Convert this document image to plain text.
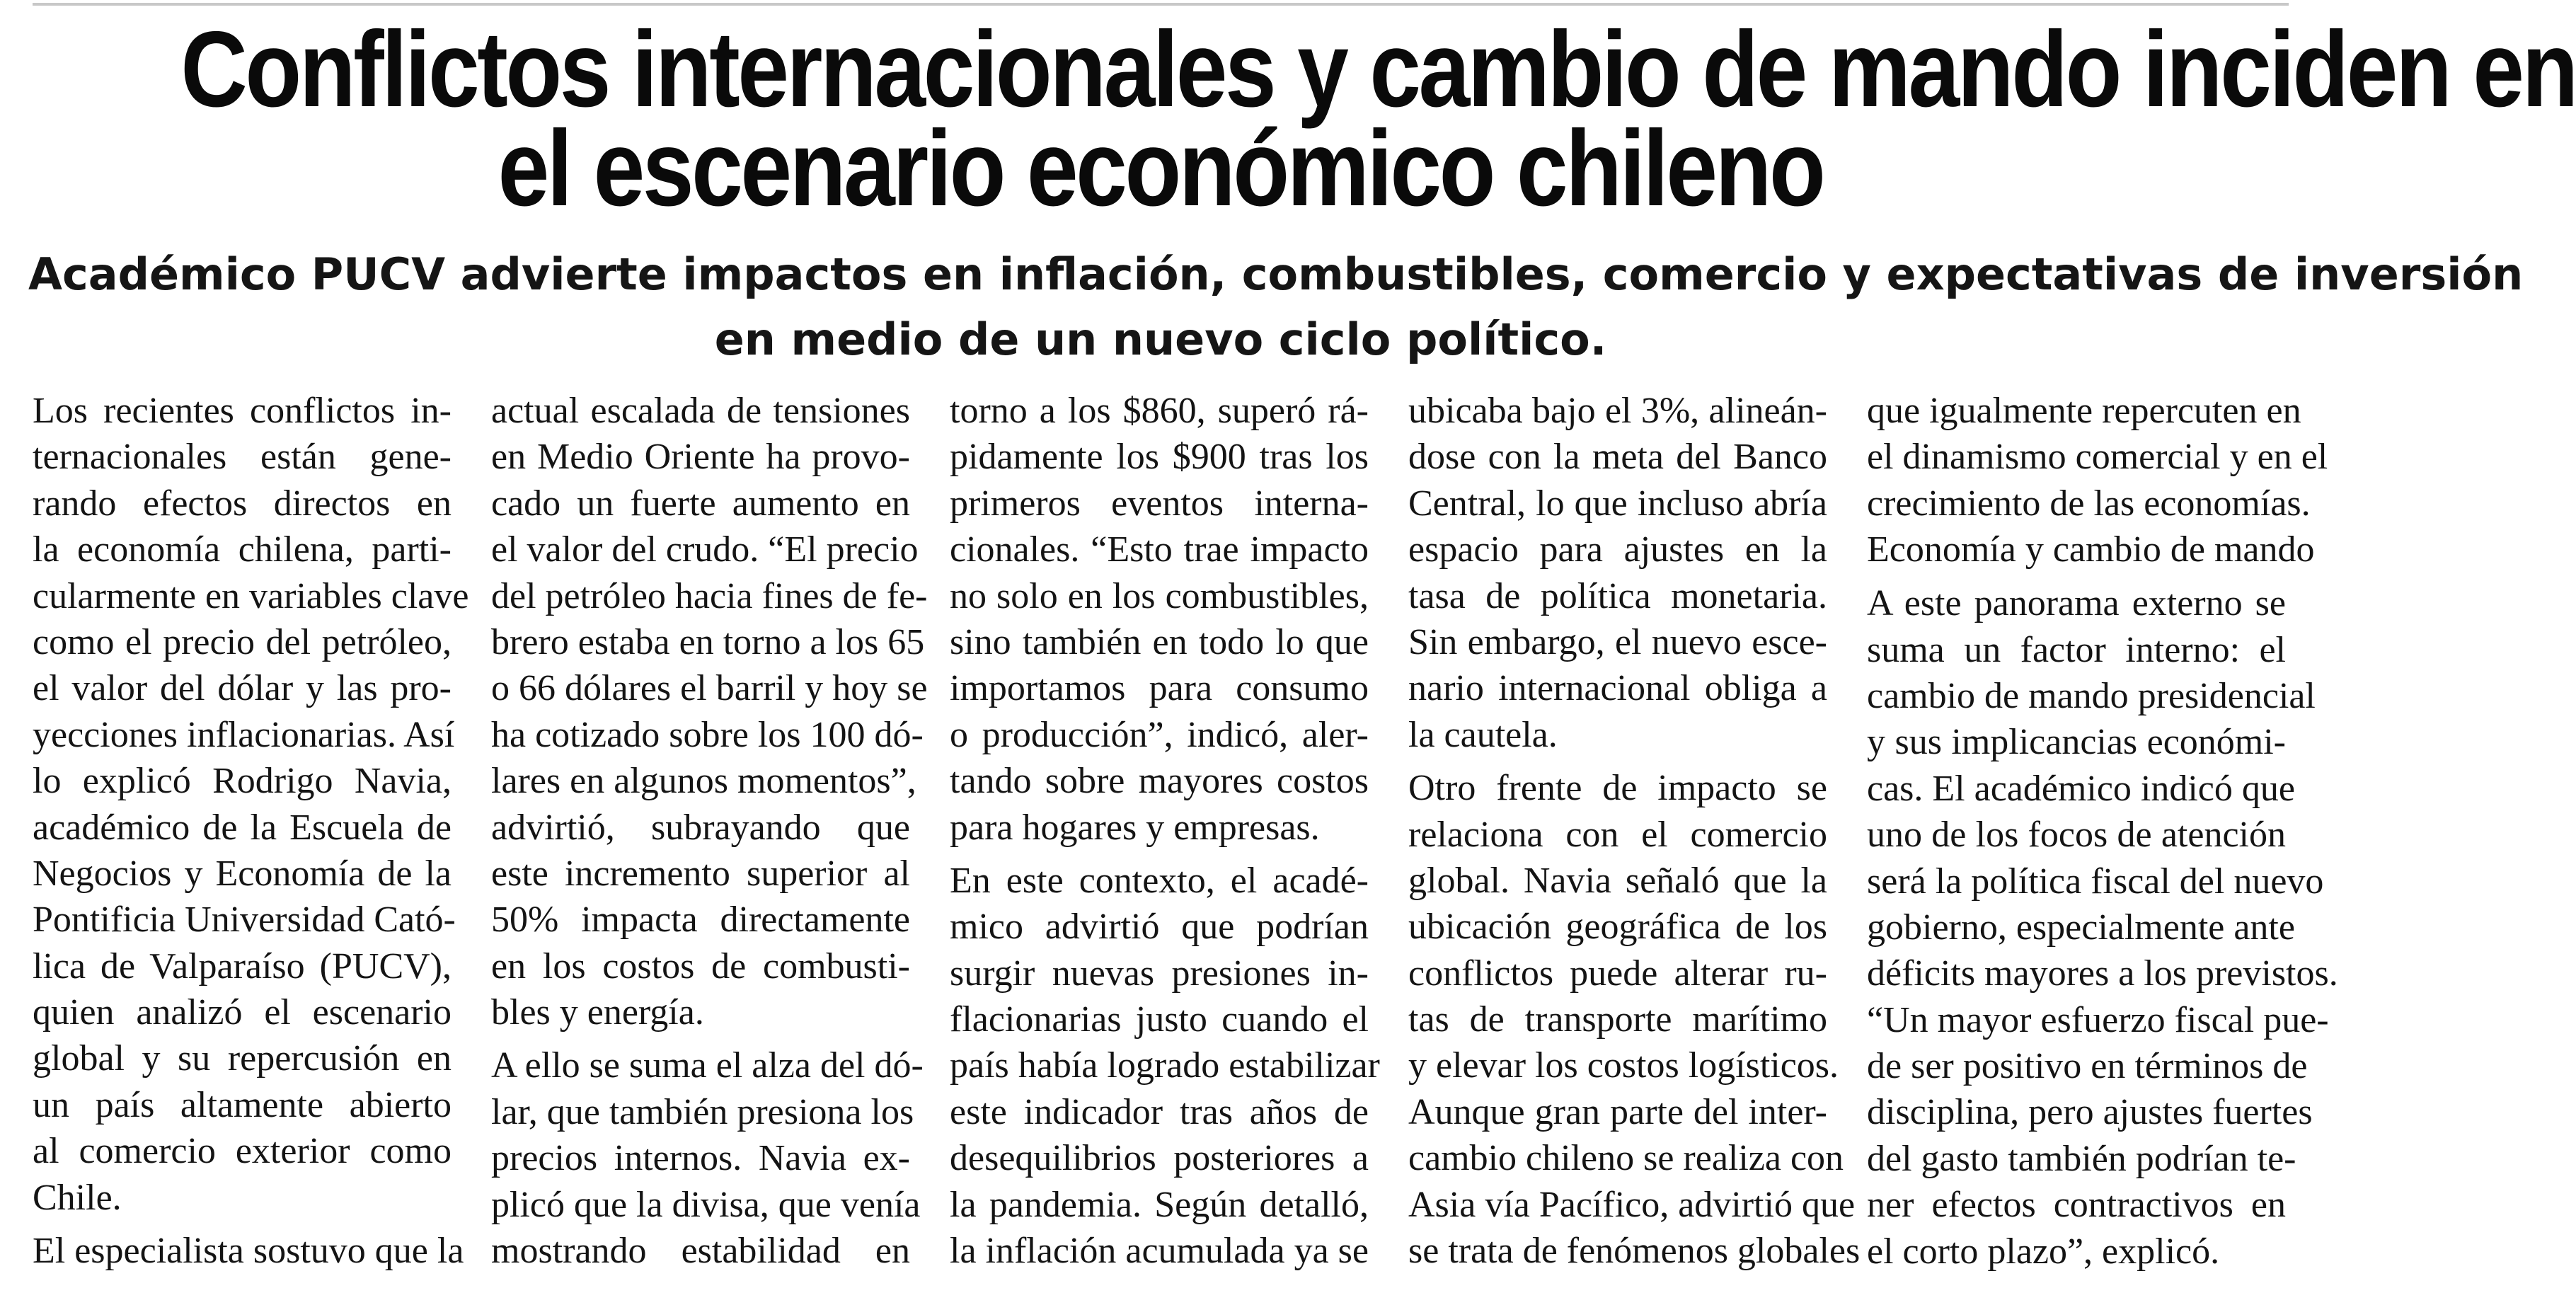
Conflictos internacionales y cambio de mando inciden en
el escenario económico chileno
Académico PUCV advierte impactos en inflación, combustibles, comercio y expectativas de inversión
en medio de un nuevo ciclo político.
Los recientes conflictos in-
ternacionales están gene-
rando efectos directos en
la economía chilena, parti-
cularmente en variables clave
como el precio del petróleo,
el valor del dólar y las pro-
yecciones inflacionarias. Así
lo explicó Rodrigo Navia,
académico de la Escuela de
Negocios y Economía de la
Pontificia Universidad Cató-
lica de Valparaíso (PUCV),
quien analizó el escenario
global y su repercusión en
un país altamente abierto
al comercio exterior como
Chile.
El especialista sostuvo que la
actual escalada de tensiones
en Medio Oriente ha provo-
cado un fuerte aumento en
el valor del crudo. “El precio
del petróleo hacia fines de fe-
brero estaba en torno a los 65
o 66 dólares el barril y hoy se
ha cotizado sobre los 100 dó-
lares en algunos momentos”,
advirtió, subrayando que
este incremento superior al
50% impacta directamente
en los costos de combusti-
bles y energía.
A ello se suma el alza del dó-
lar, que también presiona los
precios internos. Navia ex-
plicó que la divisa, que venía
mostrando estabilidad en
torno a los $860, superó rá-
pidamente los $900 tras los
primeros eventos interna-
cionales. “Esto trae impacto
no solo en los combustibles,
sino también en todo lo que
importamos para consumo
o producción”, indicó, aler-
tando sobre mayores costos
para hogares y empresas.
En este contexto, el acadé-
mico advirtió que podrían
surgir nuevas presiones in-
flacionarias justo cuando el
país había logrado estabilizar
este indicador tras años de
desequilibrios posteriores a
la pandemia. Según detalló,
la inflación acumulada ya se
ubicaba bajo el 3%, alineán-
dose con la meta del Banco
Central, lo que incluso abría
espacio para ajustes en la
tasa de política monetaria.
Sin embargo, el nuevo esce-
nario internacional obliga a
la cautela.
Otro frente de impacto se
relaciona con el comercio
global. Navia señaló que la
ubicación geográfica de los
conflictos puede alterar ru-
tas de transporte marítimo
y elevar los costos logísticos.
Aunque gran parte del inter-
cambio chileno se realiza con
Asia vía Pacífico, advirtió que
se trata de fenómenos globales
que igualmente repercuten en
el dinamismo comercial y en el
crecimiento de las economías.
Economía y cambio de mando
A este panorama externo se
suma un factor interno: el
cambio de mando presidencial
y sus implicancias económi-
cas. El académico indicó que
uno de los focos de atención
será la política fiscal del nuevo
gobierno, especialmente ante
déficits mayores a los previstos.
“Un mayor esfuerzo fiscal pue-
de ser positivo en términos de
disciplina, pero ajustes fuertes
del gasto también podrían te-
ner efectos contractivos en
el corto plazo”, explicó.
